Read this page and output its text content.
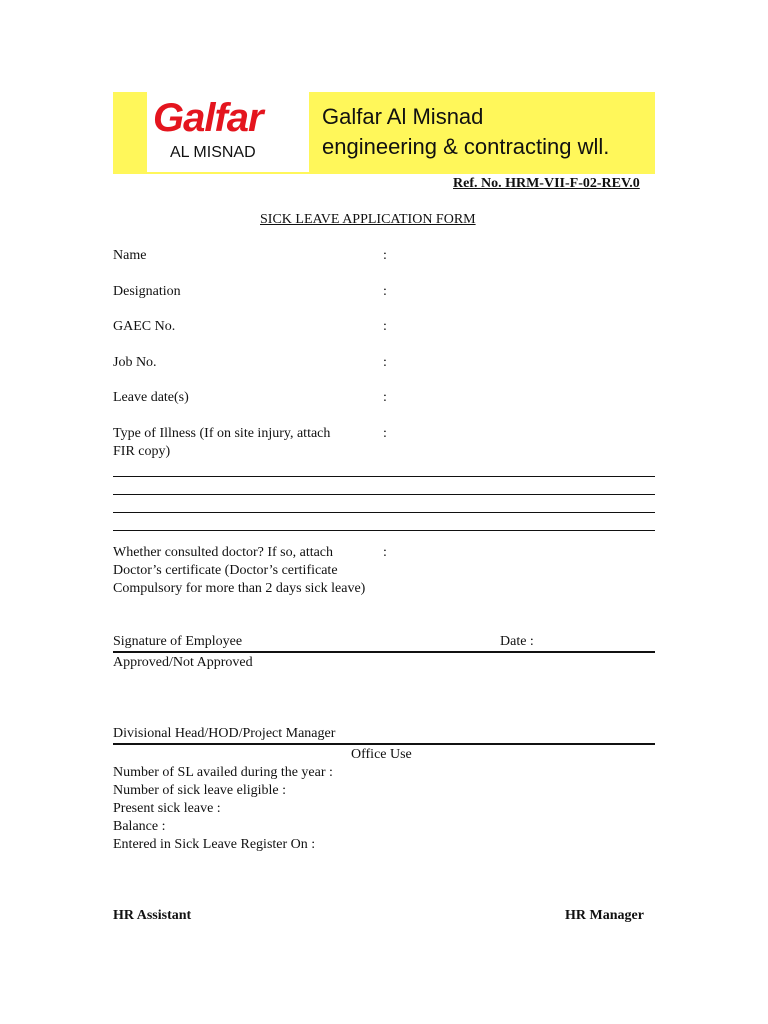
Galfar
AL MISNAD
Galfar Al Misnad
engineering & contracting wll.
Ref. No. HRM-VII-F-02-REV.0
SICK LEAVE APPLICATION FORM
Name	:
Designation	:
GAEC No.	:
Job No.	:
Leave date(s)	:
Type of Illness (If on site injury, attach
FIR copy)
:
Whether consulted doctor? If so, attach
Doctor’s certificate (Doctor’s certificate
Compulsory for more than 2 days sick leave)
:
Signature of Employee	Date :
Approved/Not Approved
Divisional Head/HOD/Project Manager
Office Use
Number of SL availed during the year :
Number of sick leave eligible :
Present sick leave :
Balance :
Entered in Sick Leave Register On :
HR Assistant	HR Manager
